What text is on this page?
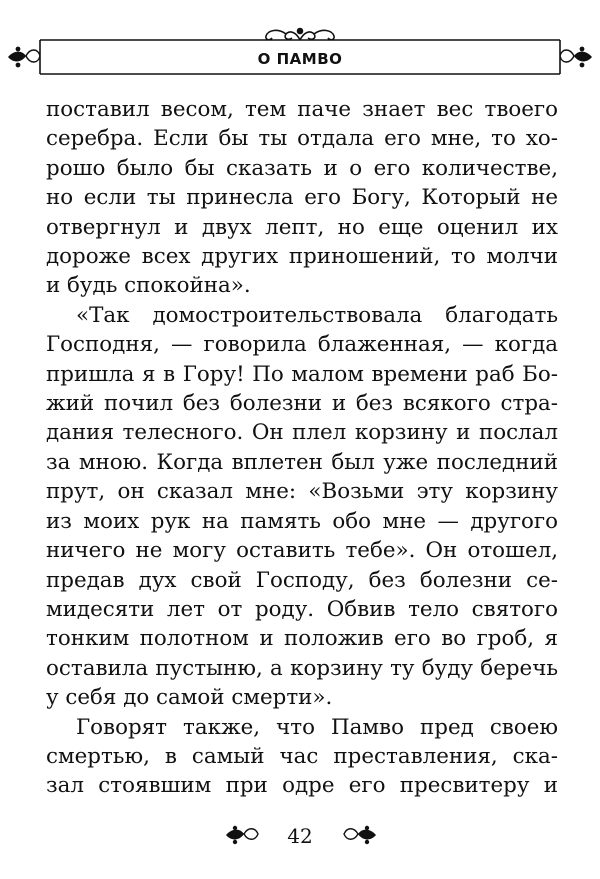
О ПАМВО

поставил весом, тем паче знает вес твоего
серебра. Если бы ты отдала его мне, то хо-
рошо было бы сказать и о его количестве,
но если ты принесла его Богу, Который не
отвергнул и двух лепт, но еще оценил их
дороже всех других приношений, то молчи
и будь спокойна».

«Так домостроительствовала благодать
Господня, — говорила блаженная, — когда
пришла я в Гору! По малом времени раб Бо-
жий почил без болезни и без всякого стра-
дания телесного. Он плел корзину и послал
за мною. Когда вплетен был уже последний
прут, он сказал мне: «Возьми эту корзину
из моих рук на память обо мне — другого
ничего не могу оставить тебе». Он отошел,
предав дух свой Господу, без болезни се-
мидесяти лет от роду. Обвив тело святого
тонким полотном и положив его во гроб, я
оставила пустыню, а корзину ту буду беречь
у себя до самой смерти».

Говорят также, что Памво пред своею
смертью, в самый час преставления, ска-
зал стоявшим при одре его пресвитеру и

42
